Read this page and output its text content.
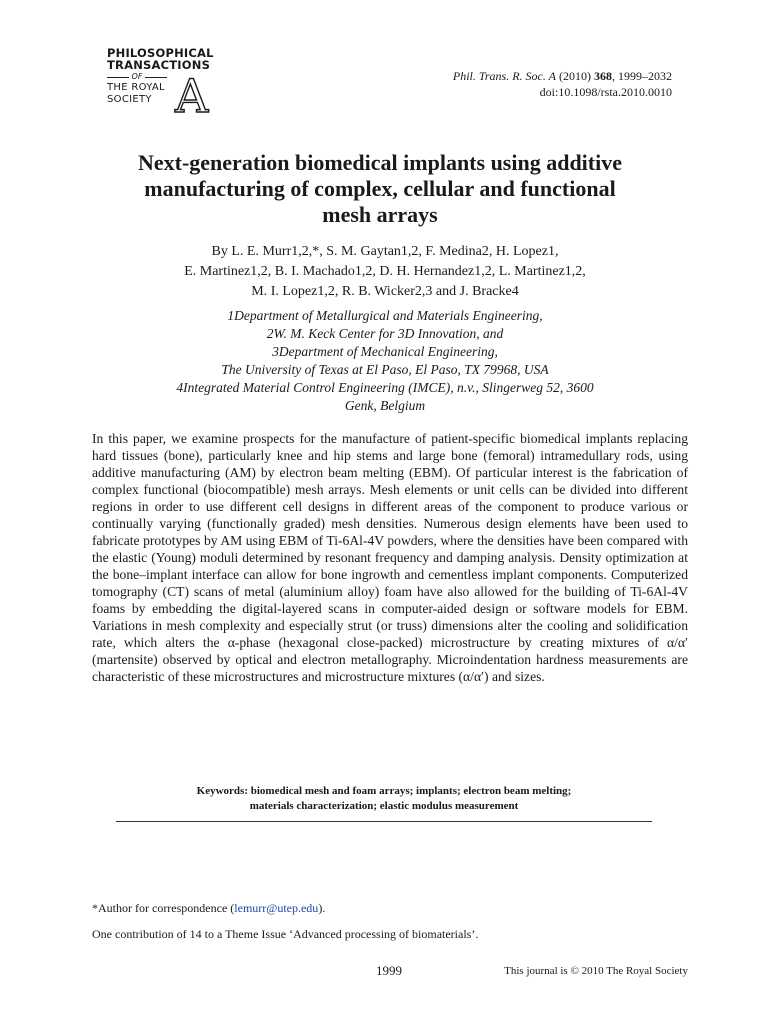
PHILOSOPHICAL
TRANSACTIONS
OF
THE ROYAL
SOCIETY A	Phil. Trans. R. Soc. A (2010) 368, 1999–2032
doi:10.1098/rsta.2010.0010
Next-generation biomedical implants using additive manufacturing of complex, cellular and functional mesh arrays
By L. E. Murr1,2,*, S. M. Gaytan1,2, F. Medina2, H. Lopez1,
E. Martinez1,2, B. I. Machado1,2, D. H. Hernandez1,2, L. Martinez1,2,
M. I. Lopez1,2, R. B. Wicker2,3 and J. Bracke4
1Department of Metallurgical and Materials Engineering,
2W. M. Keck Center for 3D Innovation, and
3Department of Mechanical Engineering,
The University of Texas at El Paso, El Paso, TX 79968, USA
4Integrated Material Control Engineering (IMCE), n.v., Slingerweg 52, 3600
Genk, Belgium
In this paper, we examine prospects for the manufacture of patient-specific biomedical implants replacing hard tissues (bone), particularly knee and hip stems and large bone (femoral) intramedullary rods, using additive manufacturing (AM) by electron beam melting (EBM). Of particular interest is the fabrication of complex functional (biocompatible) mesh arrays. Mesh elements or unit cells can be divided into different regions in order to use different cell designs in different areas of the component to produce various or continually varying (functionally graded) mesh densities. Numerous design elements have been used to fabricate prototypes by AM using EBM of Ti-6Al-4V powders, where the densities have been compared with the elastic (Young) moduli determined by resonant frequency and damping analysis. Density optimization at the bone–implant interface can allow for bone ingrowth and cementless implant components. Computerized tomography (CT) scans of metal (aluminium alloy) foam have also allowed for the building of Ti-6Al-4V foams by embedding the digital-layered scans in computer-aided design or software models for EBM. Variations in mesh complexity and especially strut (or truss) dimensions alter the cooling and solidification rate, which alters the α-phase (hexagonal close-packed) microstructure by creating mixtures of α/α′ (martensite) observed by optical and electron metallography. Microindentation hardness measurements are characteristic of these microstructures and microstructure mixtures (α/α′) and sizes.
Keywords: biomedical mesh and foam arrays; implants; electron beam melting;
materials characterization; elastic modulus measurement
*Author for correspondence (lemurr@utep.edu).
One contribution of 14 to a Theme Issue ‘Advanced processing of biomaterials’.
1999	This journal is © 2010 The Royal Society
